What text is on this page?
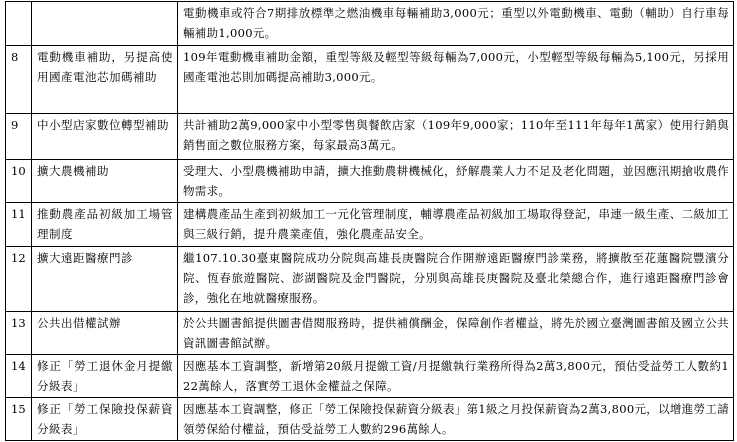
		電動機車或符合7期排放標準之燃油機車每輛補助3,000元；重型以外電動機車、電動（輔助）自行車每輛補助1,000元。
8	電動機車補助，另提高使用國產電池芯加碼補助	109年電動機車補助金額，重型等級及輕型等級每輛為7,000元，小型輕型等級每輛為5,100元，另採用國產電池芯則加碼提高補助3,000元。
9	中小型店家數位轉型補助	共計補助2萬9,000家中小型零售與餐飲店家（109年9,000家；110年至111年每年1萬家）使用行銷與銷售面之數位服務方案，每家最高3萬元。
10	擴大農機補助	受理大、小型農機補助申請，擴大推動農耕機械化，紓解農業人力不足及老化問題，並因應汛期搶收農作物需求。
11	推動農產品初級加工場管理制度	建構農產品生產到初級加工一元化管理制度，輔導農產品初級加工場取得登記，串連一級生產、二級加工與三級行銷，提升農業產值，強化農產品安全。
12	擴大遠距醫療門診	繼107.10.30臺東醫院成功分院與高雄長庚醫院合作開辦遠距醫療門診業務，將擴散至花蓮醫院豐濱分院、恆春旅遊醫院、澎湖醫院及金門醫院，分別與高雄長庚醫院及臺北榮總合作，進行遠距醫療門診會診，強化在地就醫療服務。
13	公共出借權試辦	於公共圖書館提供圖書借閱服務時，提供補償酬金，保障創作者權益，將先於國立臺灣圖書館及國立公共資訊圖書館試辦。
14	修正「勞工退休金月提繳分級表」	因應基本工資調整，新增第20級月提繳工資/月提繳執行業務所得為2萬3,800元，預估受益勞工人數約122萬餘人，落實勞工退休金權益之保障。
15	修正「勞工保險投保薪資分級表」	因應基本工資調整，修正「勞工保險投保薪資分級表」第1級之月投保薪資為2萬3,800元，以增進勞工請領勞保給付權益，預估受益勞工人數約296萬餘人。
